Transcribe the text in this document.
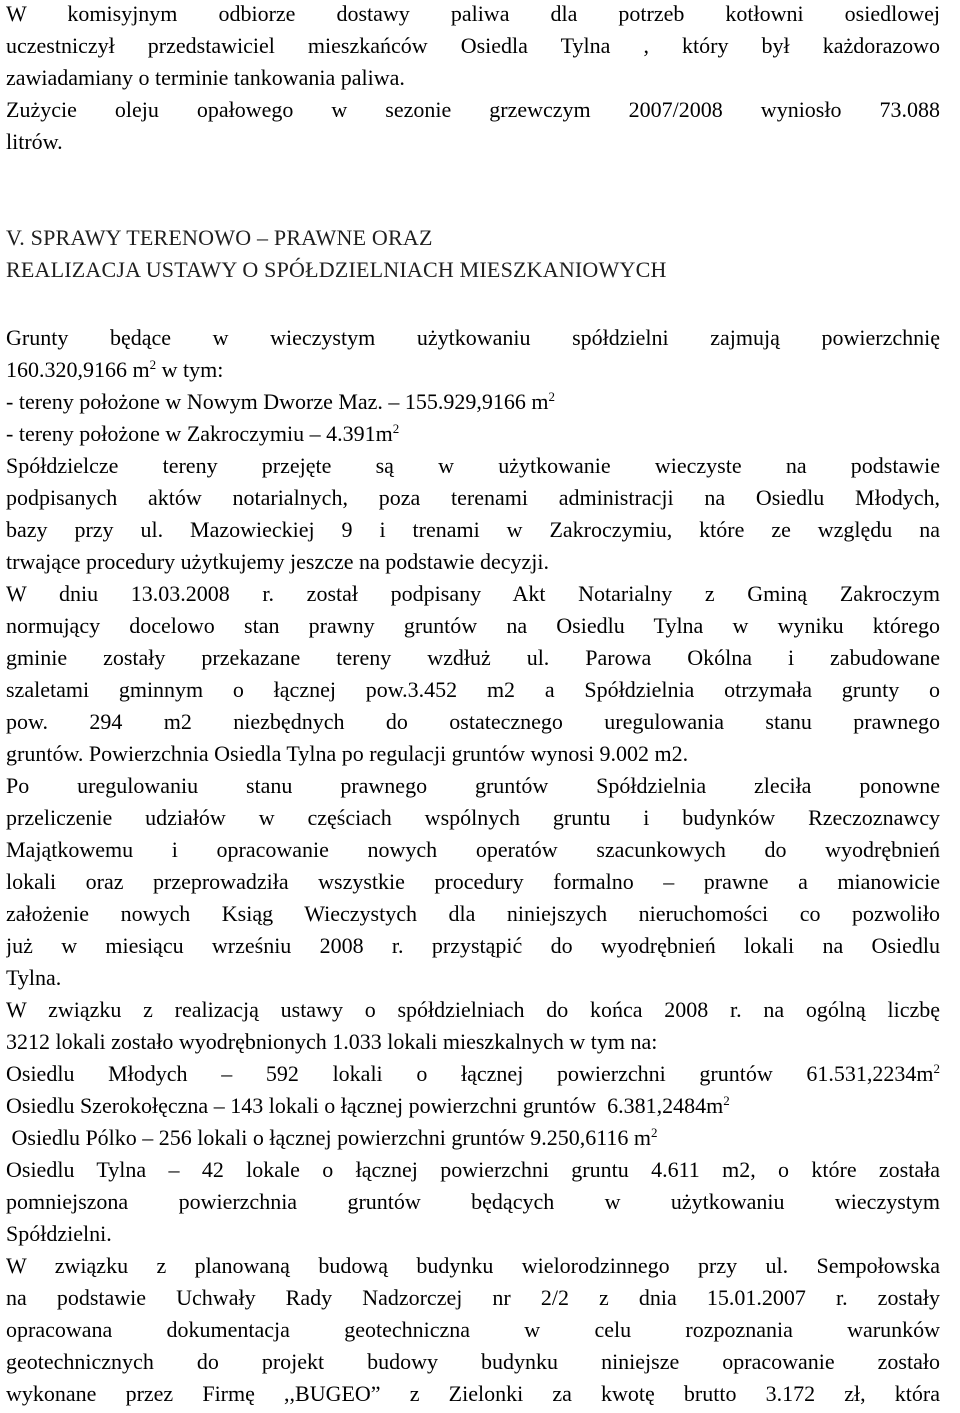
W komisyjnym odbiorze dostawy paliwa dla potrzeb kotłowni osiedlowej
uczestniczył przedstawiciel mieszkańców Osiedla Tylna , który był każdorazowo
zawiadamiany o terminie tankowania paliwa.
Zużycie oleju opałowego w sezonie grzewczym 2007/2008 wyniosło 73.088
litrów.
V. SPRAWY TERENOWO – PRAWNE ORAZ
REALIZACJA USTAWY O SPÓŁDZIELNIACH MIESZKANIOWYCH
Grunty będące w wieczystym użytkowaniu spółdzielni zajmują powierzchnię
160.320,9166 $m^2$ w tym:
- tereny położone w Nowym Dworze Maz. – 155.929,9166 $m^2$
- tereny położone w Zakroczymiu – $4.391m^2$
Spółdzielcze tereny przejęte są w użytkowanie wieczyste na podstawie
podpisanych aktów notarialnych, poza terenami administracji na Osiedlu Młodych,
bazy przy ul. Mazowieckiej 9 i trenami w Zakroczymiu, które ze względu na
trwające procedury użytkujemy jeszcze na podstawie decyzji.
W dniu 13.03.2008 r. został podpisany Akt Notarialny z Gminą Zakroczym
normujący docelowo stan prawny gruntów na Osiedlu Tylna w wyniku którego
gminie zostały przekazane tereny wzdłuż ul. Parowa Okólna i zabudowane
szaletami gminnym o łącznej pow.3.452 m2 a Spółdzielnia otrzymała grunty o
pow. 294 m2 niezbędnych do ostatecznego uregulowania stanu prawnego
gruntów. Powierzchnia Osiedla Tylna po regulacji gruntów wynosi 9.002 m2.
Po uregulowaniu stanu prawnego gruntów Spółdzielnia zleciła ponowne
przeliczenie udziałów w częściach wspólnych gruntu i budynków Rzeczoznawcy
Majątkowemu i opracowanie nowych operatów szacunkowych do wyodrębnień
lokali oraz przeprowadziła wszystkie procedury formalno – prawne a mianowicie
założenie nowych Ksiąg Wieczystych dla niniejszych nieruchomości co pozwoliło
już w miesiącu wrześniu 2008 r. przystąpić do wyodrębnień lokali na Osiedlu
Tylna.
W związku z realizacją ustawy o spółdzielniach do końca 2008 r. na ogólną liczbę
3212 lokali zostało wyodrębnionych 1.033 lokali mieszkalnych w tym na:
Osiedlu Młodych – 592 lokali o łącznej powierzchni gruntów $61.531,2234m^2$
Osiedlu Szerokołęczna – 143 lokali o łącznej powierzchni gruntów  $6.381,2484m^2$
Osiedlu Pólko – 256 lokali o łącznej powierzchni gruntów 9.250,6116 $m^2$
Osiedlu Tylna – 42 lokale o łącznej powierzchni gruntu 4.611 m2, o które została
pomniejszona powierzchnia gruntów będących w użytkowaniu wieczystym
Spółdzielni.
W związku z planowaną budową budynku wielorodzinnego przy ul. Sempołowska
na podstawie Uchwały Rady Nadzorczej nr 2/2 z dnia 15.01.2007 r. zostały
opracowana dokumentacja geotechniczna w celu rozpoznania warunków
geotechnicznych do projekt budowy budynku niniejsze opracowanie zostało
wykonane przez Firmę ,,BUGEO” z Zielonki za kwotę brutto 3.172 zł, która
